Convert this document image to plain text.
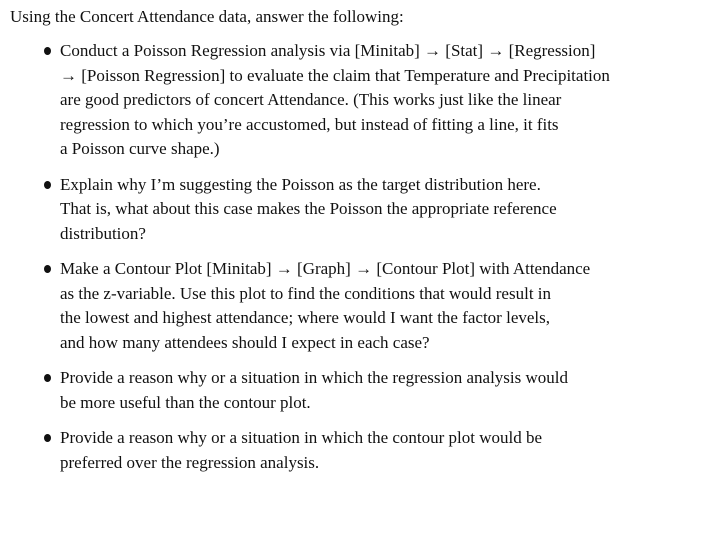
Using the Concert Attendance data, answer the following:
Conduct a Poisson Regression analysis via [Minitab] → [Stat] → [Regression]
→ [Poisson Regression] to evaluate the claim that Temperature and Precipitation
are good predictors of concert Attendance. (This works just like the linear
regression to which you’re accustomed, but instead of fitting a line, it fits
a Poisson curve shape.)
Explain why I’m suggesting the Poisson as the target distribution here.
That is, what about this case makes the Poisson the appropriate reference
distribution?
Make a Contour Plot [Minitab] → [Graph] → [Contour Plot] with Attendance
as the z-variable. Use this plot to find the conditions that would result in
the lowest and highest attendance; where would I want the factor levels,
and how many attendees should I expect in each case?
Provide a reason why or a situation in which the regression analysis would
be more useful than the contour plot.
Provide a reason why or a situation in which the contour plot would be
preferred over the regression analysis.
